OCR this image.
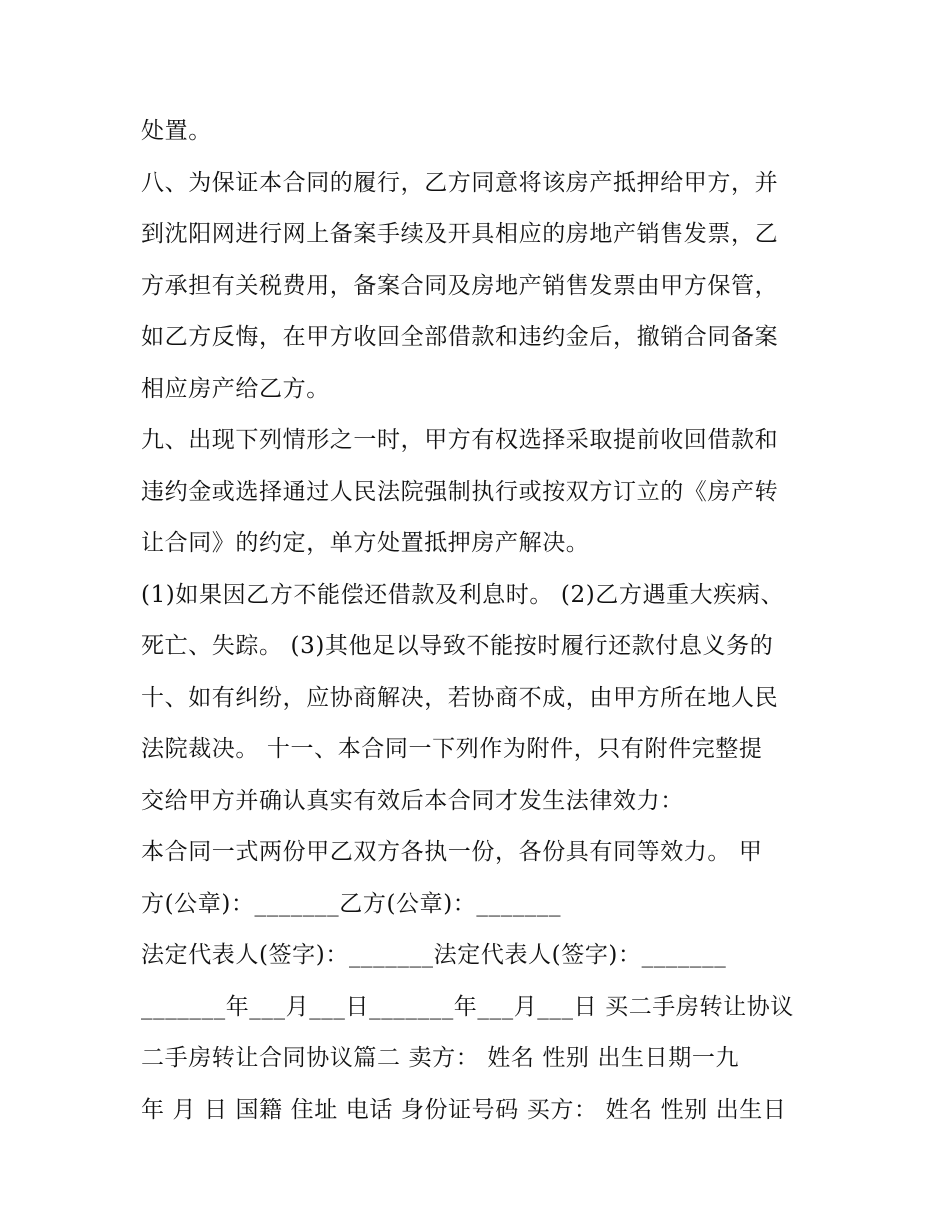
处置。
八、为保证本合同的履行，乙方同意将该房产抵押给甲方，并
到沈阳网进行网上备案手续及开具相应的房地产销售发票，乙
方承担有关税费用，备案合同及房地产销售发票由甲方保管，
如乙方反悔，在甲方收回全部借款和违约金后，撤销合同备案
相应房产给乙方。
九、出现下列情形之一时，甲方有权选择采取提前收回借款和
违约金或选择通过人民法院强制执行或按双方订立的《房产转
让合同》的约定，单方处置抵押房产解决。
(1)如果因乙方不能偿还借款及利息时。 (2)乙方遇重大疾病、
死亡、失踪。 (3)其他足以导致不能按时履行还款付息义务的
十、如有纠纷，应协商解决，若协商不成，由甲方所在地人民
法院裁决。 十一、本合同一下列作为附件，只有附件完整提
交给甲方并确认真实有效后本合同才发生法律效力：
本合同一式两份甲乙双方各执一份，各份具有同等效力。 甲
方(公章)：_______乙方(公章)：_______
法定代表人(签字)：_______法定代表人(签字)：_______
_______年___月___日_______年___月___日 买二手房转让协议
二手房转让合同协议篇二 卖方： 姓名 性别 出生日期一九
年 月 日 国籍 住址 电话 身份证号码 买方： 姓名 性别 出生日
